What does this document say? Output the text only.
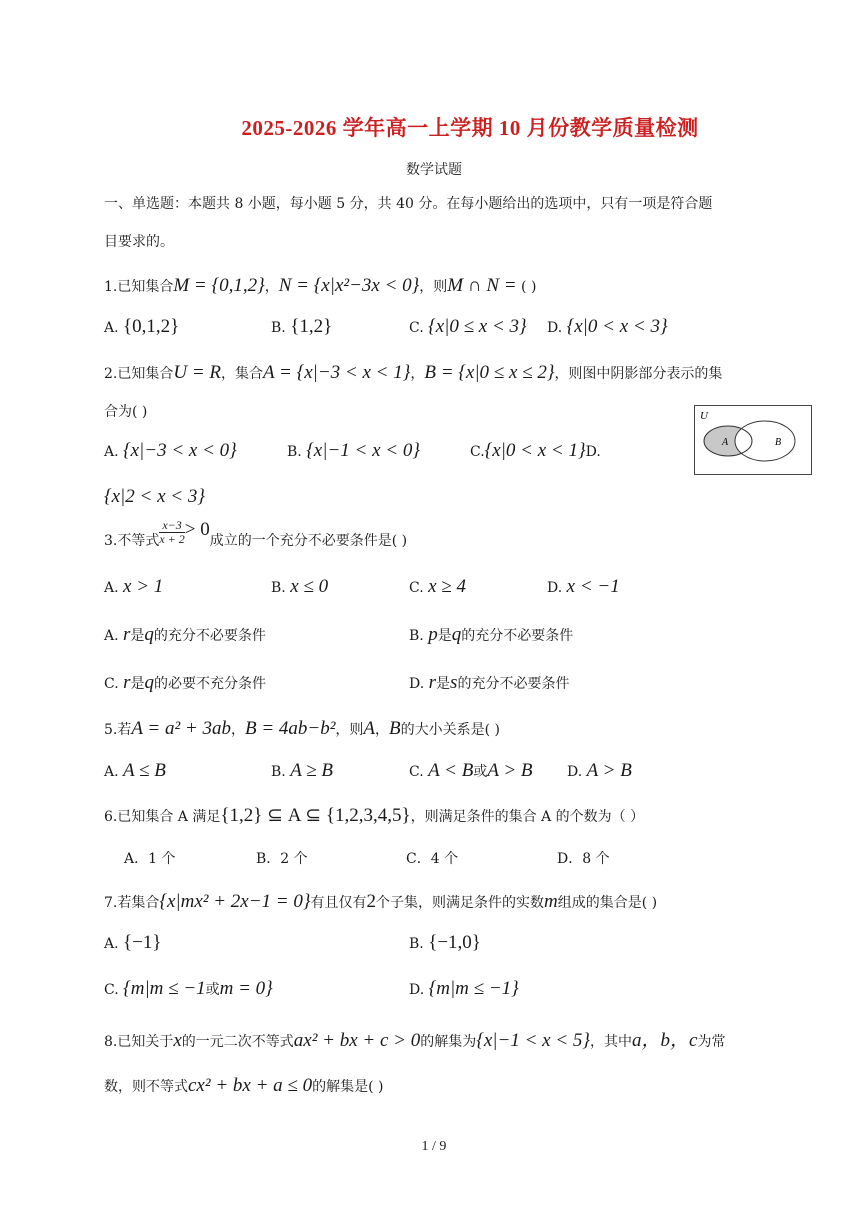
2025-2026 学年高一上学期 10 月份教学质量检测
数学试题
一、单选题：本题共 8 小题，每小题 5 分，共 40 分。在每小题给出的选项中，只有一项是符合题
目要求的。
1.已知集合M = {0,1,2}，N = {x|x²−3x < 0}，则M ∩ N = ( )
A. {0,1,2}	B. {1,2}	C. {x|0 ≤ x < 3} D. {x|0 < x < 3}
2.已知集合U = R，集合A = {x|−3 < x < 1}，B = {x|0 ≤ x ≤ 2}，则图中阴影部分表示的集
合为( )	U
A	B
A. {x|−3 < x < 0}	B. {x|−1 < x < 0}	C.{x|0 < x < 1}D.
{x|2 < x < 3}
3.不等式 $\frac{x-3}{x + 2} > 0$成立的一个充分不必要条件是( )
A. x > 1	B. x ≤ 0	C. x ≥ 4	D. x < −1
A. r是q的充分不必要条件	B. p是q的充分不必要条件
C. r是q的必要不充分条件	D. r是s的充分不必要条件
5.若A = a² + 3ab，B = 4ab−b²，则A，B的大小关系是( )
A. A ≤ B	B. A ≥ B	C. A < B或A > B D. A > B
6.已知集合 A 满足{1,2} ⊆ A ⊆ {1,2,3,4,5}，则满足条件的集合 A 的个数为（ ）
A．1 个	B．2 个	C．4 个	D．8 个
7.若集合{x|mx² + 2x−1 = 0}有且仅有2个子集，则满足条件的实数m组成的集合是( )
A. {−1}	B. {−1,0}
C. {m|m ≤ −1或m = 0}	D. {m|m ≤ −1}
8.已知关于x的一元二次不等式ax² + bx + c > 0的解集为{x|−1 < x < 5}，其中a，b，c为常
数，则不等式cx² + bx + a ≤ 0的解集是( )
1 / 9
